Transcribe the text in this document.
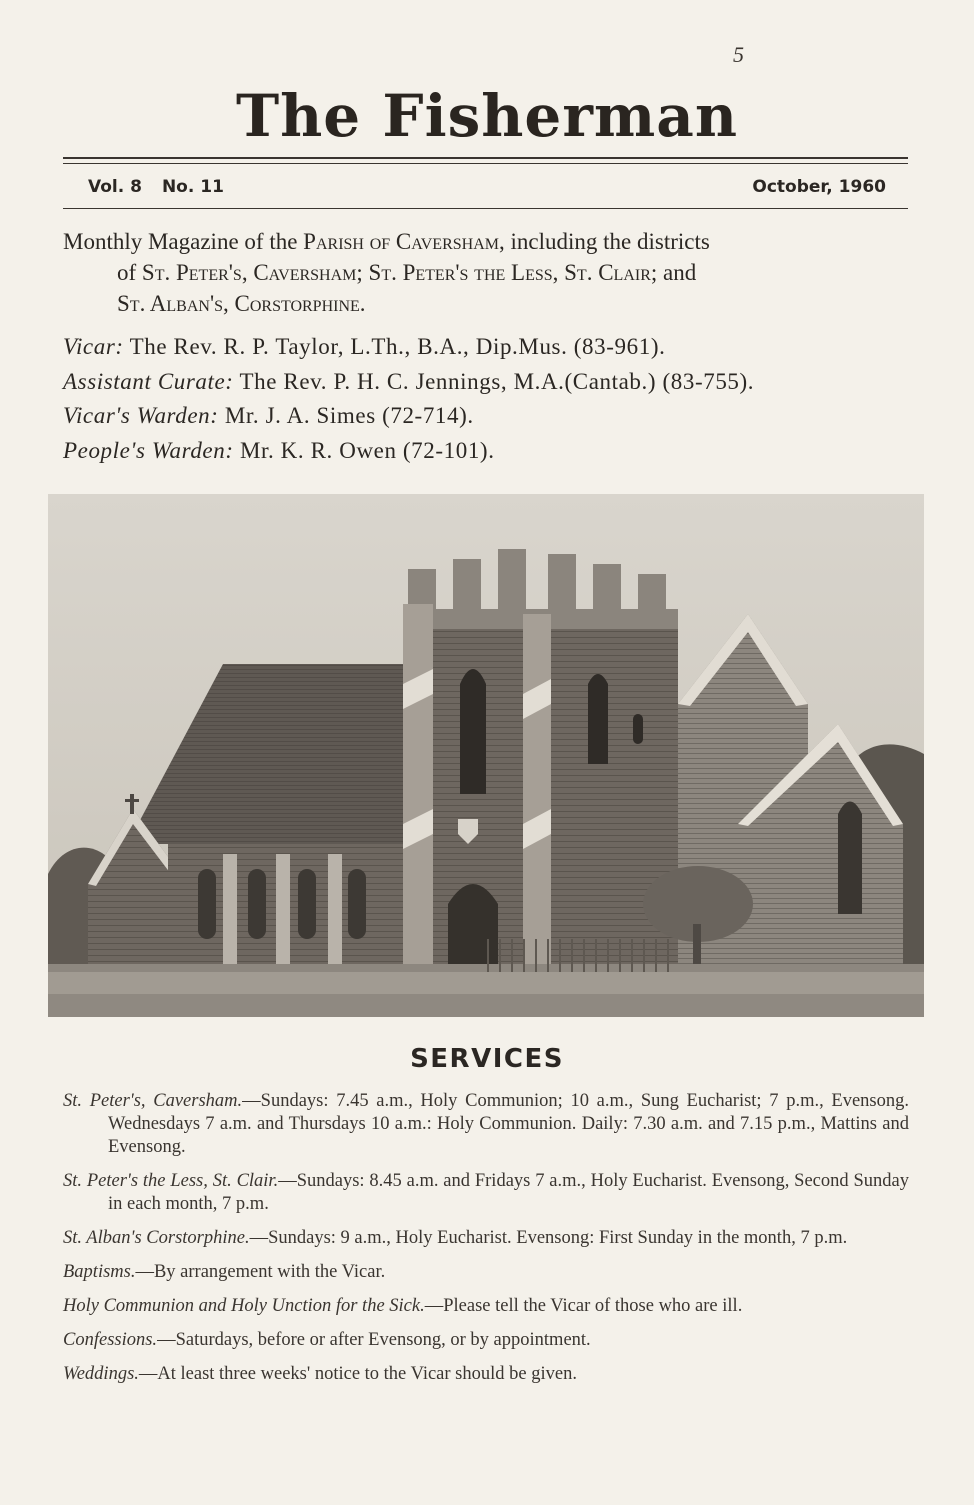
5
The Fisherman
Vol. 8 No. 11	October, 1960
Monthly Magazine of the Parish of Caversham, including the districts
of St. Peter's, Caversham; St. Peter's the Less, St. Clair; and
St. Alban's, Corstorphine.
Vicar: The Rev. R. P. Taylor, L.Th., B.A., Dip.Mus. (83-961).
Assistant Curate: The Rev. P. H. C. Jennings, M.A.(Cantab.) (83-755).
Vicar's Warden: Mr. J. A. Simes (72-714).
People's Warden: Mr. K. R. Owen (72-101).
SERVICES

St. Peter's, Caversham.—Sundays: 7.45 a.m., Holy Communion; 10 a.m., Sung Eucharist; 7 p.m., Evensong. Wednesdays 7 a.m. and Thursdays 10 a.m.: Holy Communion. Daily: 7.30 a.m. and 7.15 p.m., Mattins and Evensong.

St. Peter's the Less, St. Clair.—Sundays: 8.45 a.m. and Fridays 7 a.m., Holy Eucharist. Evensong, Second Sunday in each month, 7 p.m.

St. Alban's Corstorphine.—Sundays: 9 a.m., Holy Eucharist. Evensong: First Sunday in the month, 7 p.m.

Baptisms.—By arrangement with the Vicar.

Holy Communion and Holy Unction for the Sick.—Please tell the Vicar of those who are ill.

Confessions.—Saturdays, before or after Evensong, or by appointment.

Weddings.—At least three weeks' notice to the Vicar should be given.
